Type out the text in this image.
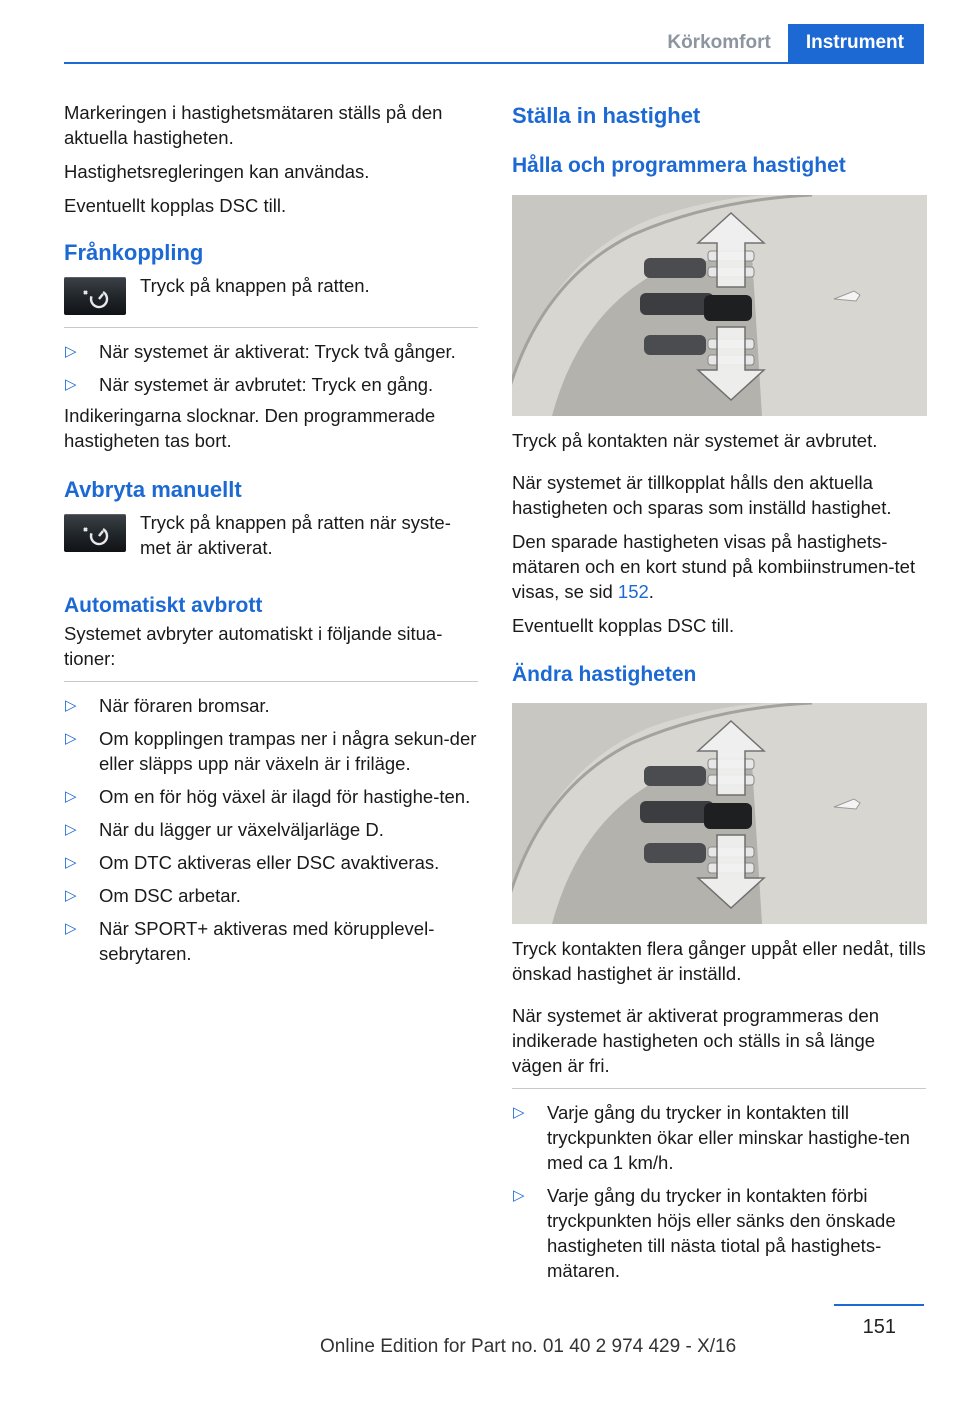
Körkomfort	Instrument

Markeringen i hastighetsmätaren ställs på den aktuella hastigheten.

Hastighetsregleringen kan användas.

Eventuellt kopplas DSC till.

Frånkoppling
Tryck på knappen på ratten.
▷ När systemet är aktiverat: Tryck två gånger.
▷ När systemet är avbrutet: Tryck en gång.

Indikeringarna slocknar. Den programmerade hastigheten tas bort.

Avbryta manuellt
Tryck på knappen på ratten när syste‐met är aktiverat.
Automatiskt avbrott

Systemet avbryter automatiskt i följande situa‐tioner:

▷ När föraren bromsar.
▷ Om kopplingen trampas ner i några sekun‐der eller släpps upp när växeln är i friläge.
▷ Om en för hög växel är ilagd för hastighe‐ten.
▷ När du lägger ur växelväljarläge D.
▷ Om DTC aktiveras eller DSC avaktiveras.
▷ Om DSC arbetar.
▷ När SPORT+ aktiveras med körupplevel‐sebrytaren.
Ställa in hastighet
Hålla och programmera hastighet

Tryck på kontakten när systemet är avbrutet.

När systemet är tillkopplat hålls den aktuella hastigheten och sparas som inställd hastighet.

Den sparade hastigheten visas på hastighets‐mätaren och en kort stund på kombiinstrumen‐tet visas, se sid 152.

Eventuellt kopplas DSC till.

Ändra hastigheten

Tryck kontakten flera gånger uppåt eller nedåt, tills önskad hastighet är inställd.

När systemet är aktiverat programmeras den indikerade hastigheten och ställs in så länge vägen är fri.

▷ Varje gång du trycker in kontakten till tryckpunkten ökar eller minskar hastighe‐ten med ca 1 km/h.
▷ Varje gång du trycker in kontakten förbi tryckpunkten höjs eller sänks den önskade hastigheten till nästa tiotal på hastighets‐mätaren.
151
Online Edition for Part no. 01 40 2 974 429 - X/16
